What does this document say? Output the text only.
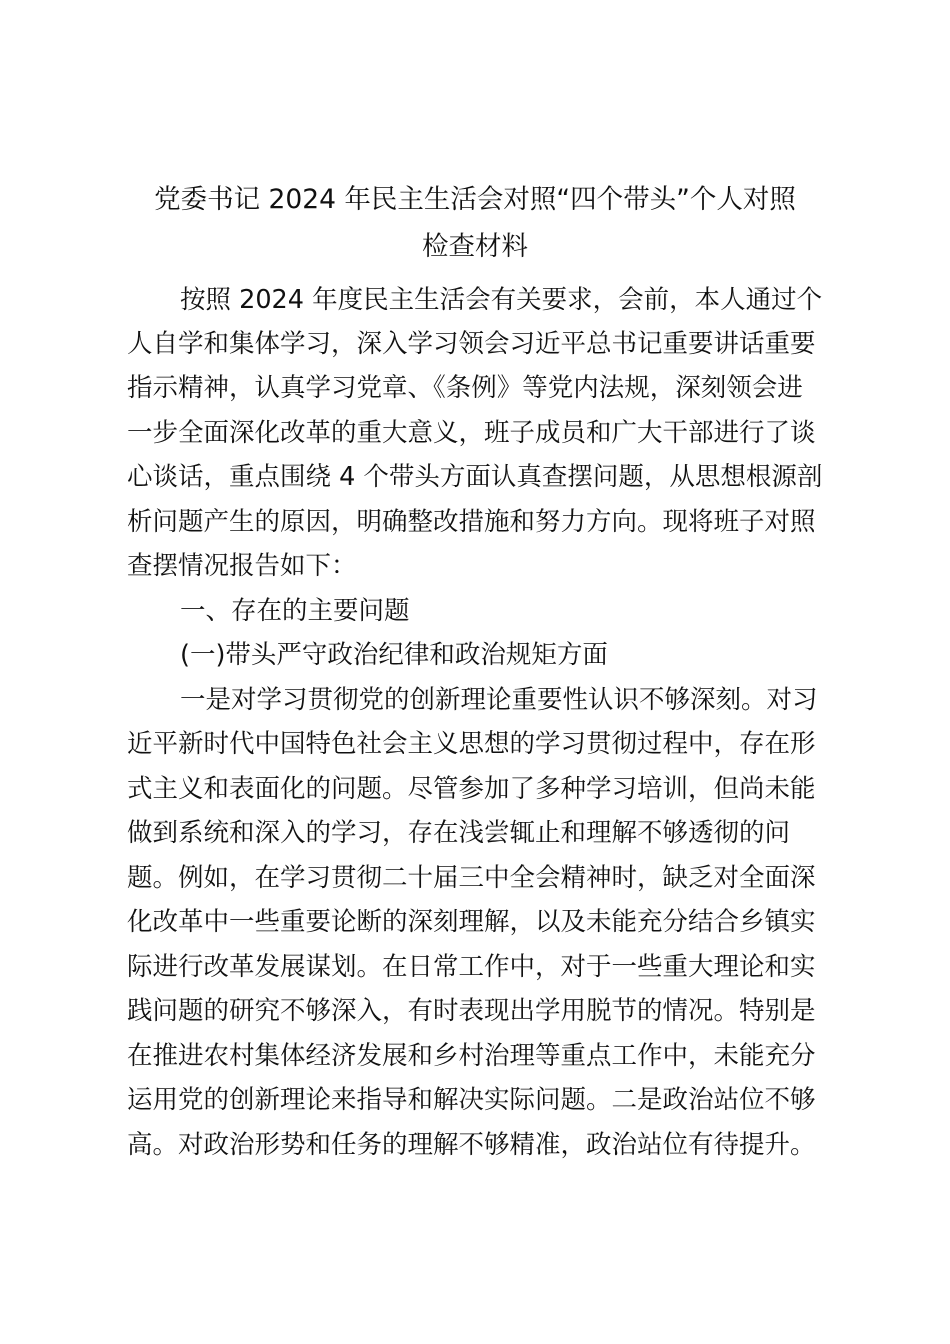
党委书记 2024 年民主生活会对照“四个带头”个人对照
检查材料
按照 2024 年度民主生活会有关要求，会前，本人通过个
人自学和集体学习，深入学习领会习近平总书记重要讲话重要
指示精神，认真学习党章、《条例》等党内法规，深刻领会进
一步全面深化改革的重大意义，班子成员和广大干部进行了谈
心谈话，重点围绕 4 个带头方面认真查摆问题，从思想根源剖
析问题产生的原因，明确整改措施和努力方向。现将班子对照
查摆情况报告如下：
一、存在的主要问题
(一)带头严守政治纪律和政治规矩方面
一是对学习贯彻党的创新理论重要性认识不够深刻。对习
近平新时代中国特色社会主义思想的学习贯彻过程中，存在形
式主义和表面化的问题。尽管参加了多种学习培训，但尚未能
做到系统和深入的学习，存在浅尝辄止和理解不够透彻的问
题。例如，在学习贯彻二十届三中全会精神时，缺乏对全面深
化改革中一些重要论断的深刻理解，以及未能充分结合乡镇实
际进行改革发展谋划。在日常工作中，对于一些重大理论和实
践问题的研究不够深入，有时表现出学用脱节的情况。特别是
在推进农村集体经济发展和乡村治理等重点工作中，未能充分
运用党的创新理论来指导和解决实际问题。二是政治站位不够
高。对政治形势和任务的理解不够精准，政治站位有待提升。
